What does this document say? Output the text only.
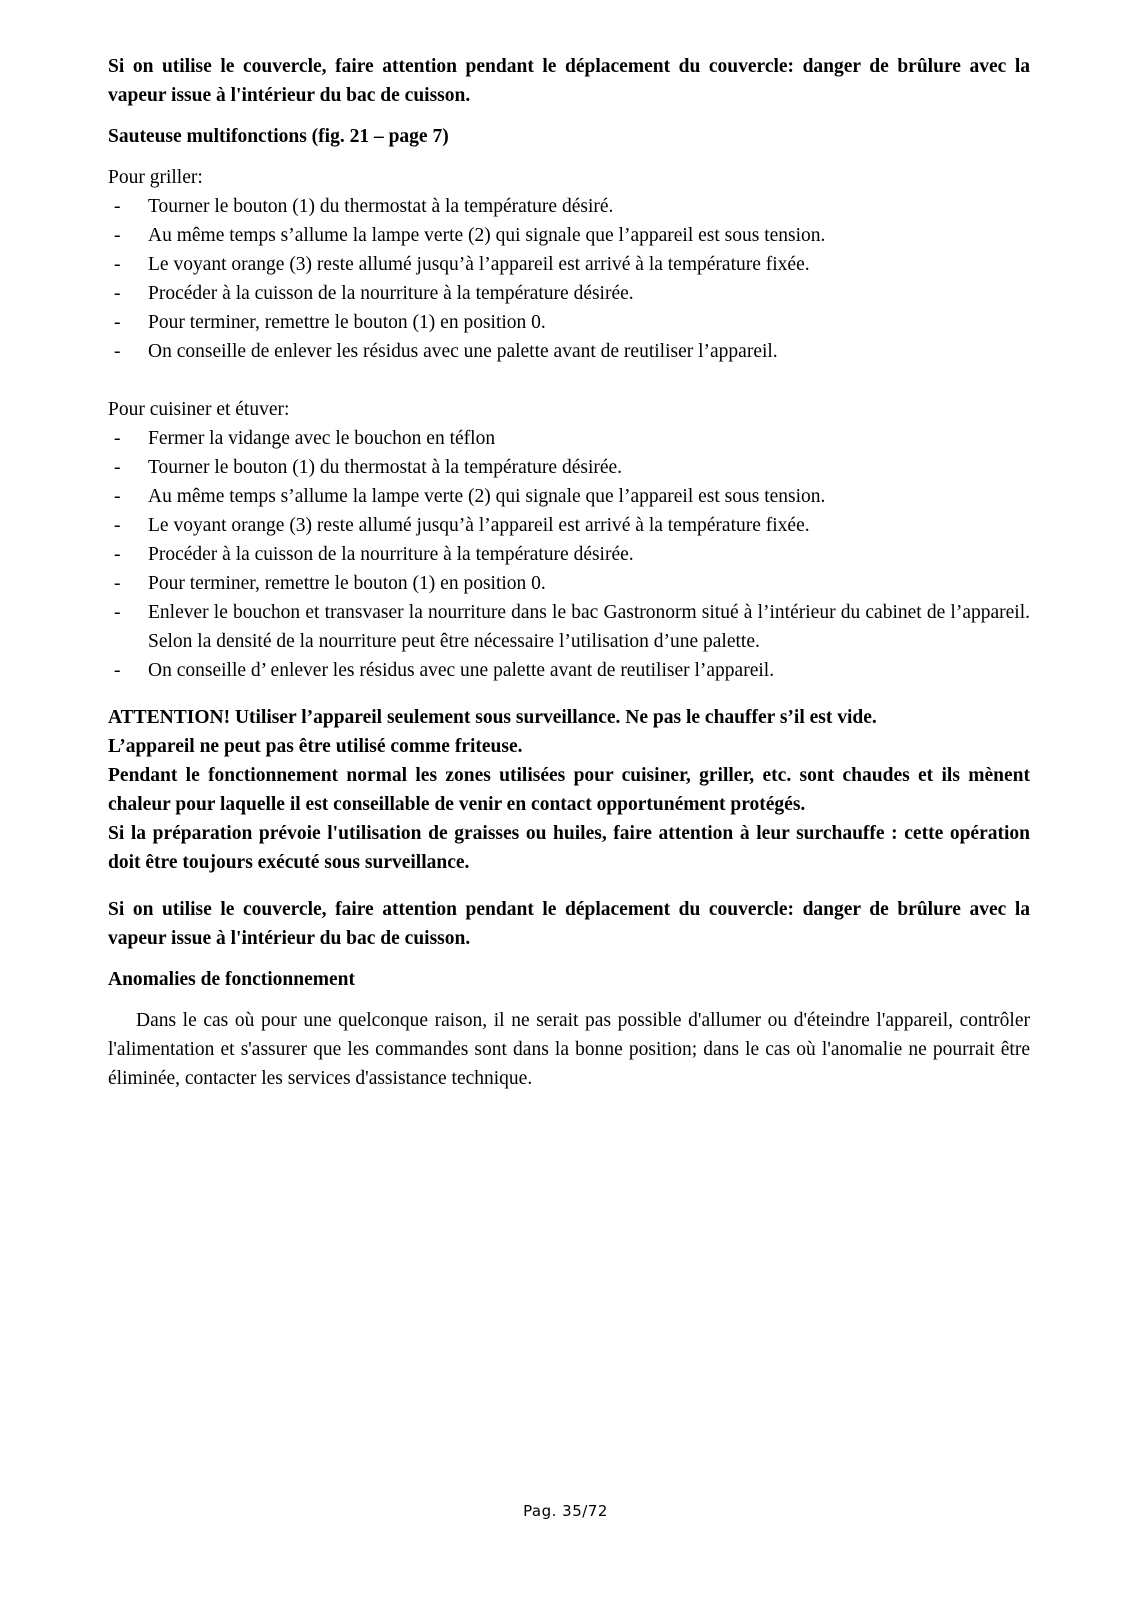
Si on utilise le couvercle, faire attention pendant le déplacement du couvercle: danger de brûlure avec la vapeur issue à l'intérieur du bac de cuisson.

Sauteuse multifonctions (fig. 21 – page 7)

Pour griller:

- Tourner le bouton (1) du thermostat à la température désiré.
- Au même temps s’allume la lampe verte (2) qui signale que l’appareil est sous tension.
- Le voyant orange (3) reste allumé jusqu’à l’appareil est arrivé à la température fixée.
- Procéder à la cuisson de la nourriture à la température désirée.
- Pour terminer, remettre le bouton (1) en position 0.
- On conseille de enlever les résidus avec une palette avant de reutiliser l’appareil.

Pour cuisiner et étuver:

- Fermer la vidange avec le bouchon en téflon
- Tourner le bouton (1) du thermostat à la température désirée.
- Au même temps s’allume la lampe verte (2) qui signale que l’appareil est sous tension.
- Le voyant orange (3) reste allumé jusqu’à l’appareil est arrivé à la température fixée.
- Procéder à la cuisson de la nourriture à la température désirée.
- Pour terminer, remettre le bouton (1) en position 0.
- Enlever le bouchon et transvaser la nourriture dans le bac Gastronorm situé à l’intérieur du cabinet de l’appareil. Selon la densité de la nourriture peut être nécessaire l’utilisation d’une palette.
- On conseille d’ enlever les résidus avec une palette avant de reutiliser l’appareil.

ATTENTION! Utiliser l’appareil seulement sous surveillance. Ne pas le chauffer s’il est vide.

L’appareil ne peut pas être utilisé comme friteuse.

Pendant le fonctionnement normal les zones utilisées pour cuisiner, griller, etc. sont chaudes et ils mènent chaleur pour laquelle il est conseillable de venir en contact opportunément protégés.

Si la préparation prévoie l'utilisation de graisses ou huiles, faire attention à leur surchauffe : cette opération doit être toujours exécuté sous surveillance.

Si on utilise le couvercle, faire attention pendant le déplacement du couvercle: danger de brûlure avec la vapeur issue à l'intérieur du bac de cuisson.

Anomalies de fonctionnement

Dans le cas où pour une quelconque raison, il ne serait pas possible d'allumer ou d'éteindre l'appareil, contrôler l'alimentation et s'assurer que les commandes sont dans la bonne position; dans le cas où l'anomalie ne pourrait être éliminée, contacter les services d'assistance technique.

Pag. 35/72
